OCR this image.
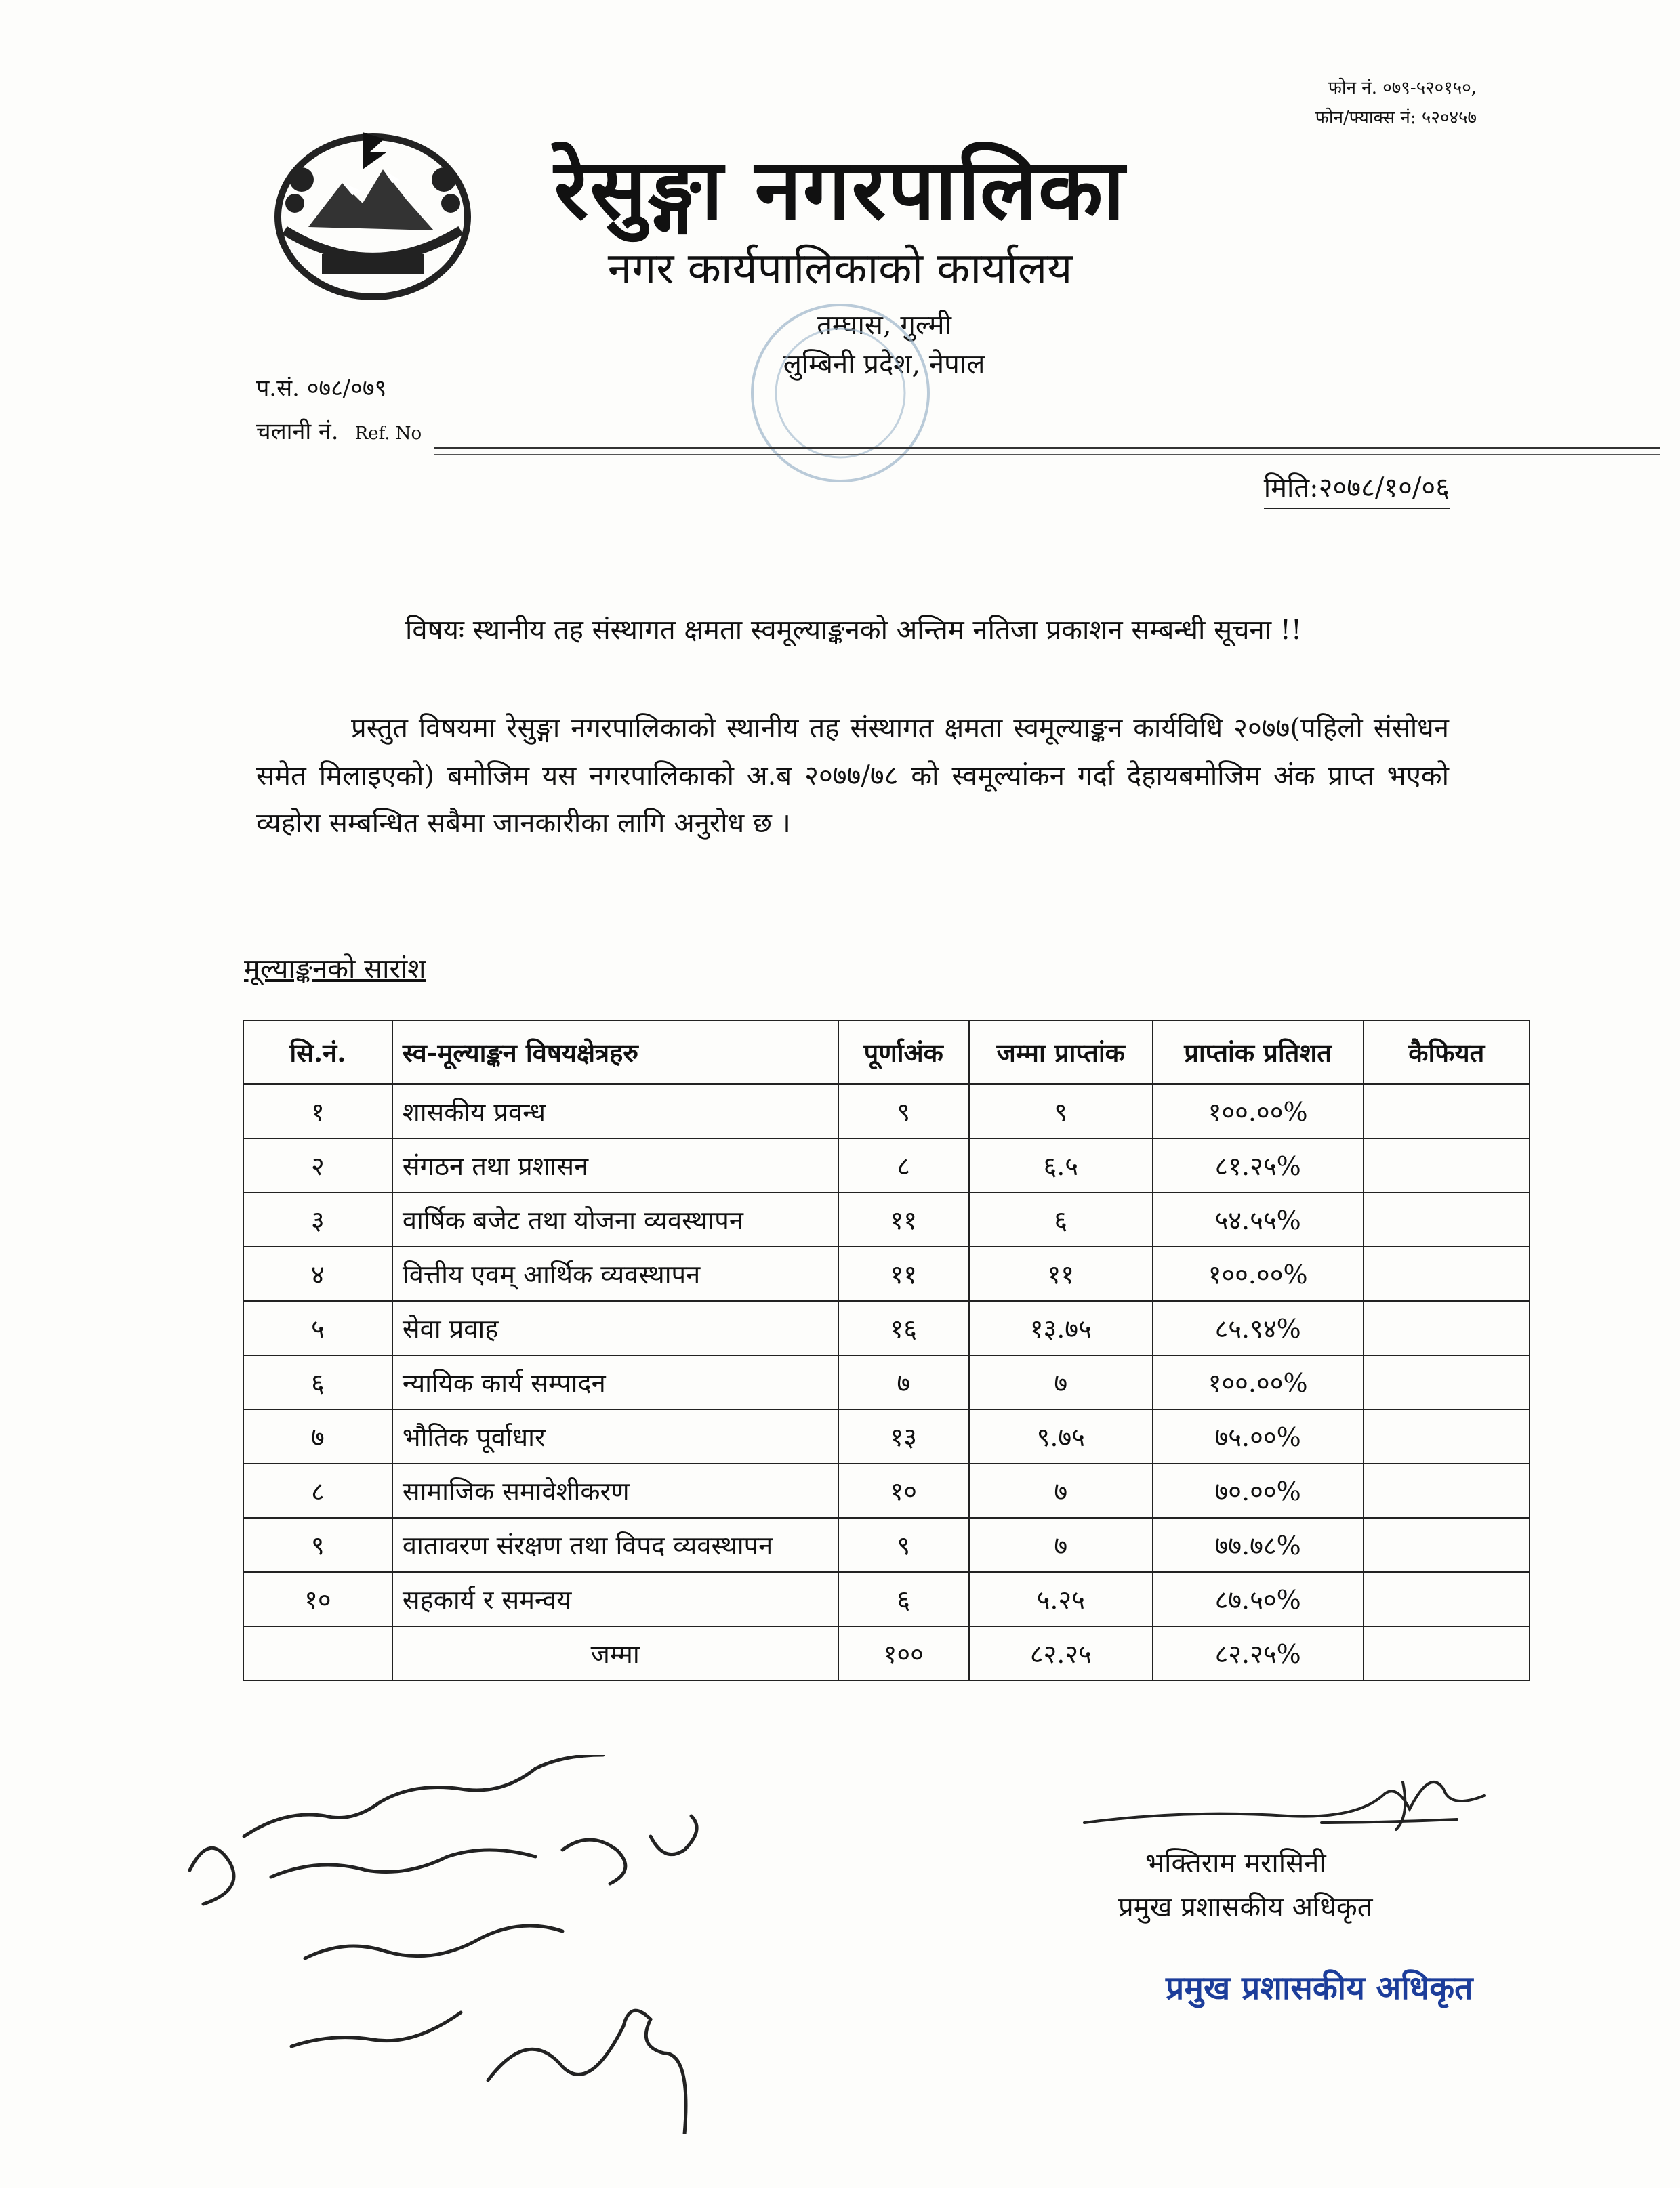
फोन नं. ०७९-५२०१५०,
फोन/फ्याक्स नं: ५२०४५७
रेसुङ्गा नगरपालिका
नगर कार्यपालिकाको कार्यालय
तम्घास, गुल्मी
लुम्बिनी प्रदेश, नेपाल
प.सं. ०७८/०७९
चलानी नं. Ref. No
मिति:२०७८/१०/०६
विषयः स्थानीय तह संस्थागत क्षमता स्वमूल्याङ्कनको अन्तिम नतिजा प्रकाशन सम्बन्धी सूचना !!
प्रस्तुत विषयमा रेसुङ्गा नगरपालिकाको स्थानीय तह संस्थागत क्षमता स्वमूल्याङ्कन कार्यविधि २०७७(पहिलो संसोधन समेत मिलाइएको) बमोजिम यस नगरपालिकाको अ.ब २०७७/७८ को स्वमूल्यांकन गर्दा देहायबमोजिम अंक प्राप्त भएको व्यहोरा सम्बन्धित सबैमा जानकारीका लागि अनुरोध छ ।
मूल्याङ्कनको सारांश
सि.नं.	स्व-मूल्याङ्कन विषयक्षेत्रहरु	पूर्णाअंक	जम्मा प्राप्तांक	प्राप्तांक प्रतिशत	कैफियत
१	शासकीय प्रवन्ध	९	९	१००.००%	
२	संगठन तथा प्रशासन	८	६.५	८१.२५%	
३	वार्षिक बजेट तथा योजना व्यवस्थापन	११	६	५४.५५%	
४	वित्तीय एवम् आर्थिक व्यवस्थापन	११	११	१००.००%	
५	सेवा प्रवाह	१६	१३.७५	८५.९४%	
६	न्यायिक कार्य सम्पादन	७	७	१००.००%	
७	भौतिक पूर्वाधार	१३	९.७५	७५.००%	
८	सामाजिक समावेशीकरण	१०	७	७०.००%	
९	वातावरण संरक्षण तथा विपद व्यवस्थापन	९	७	७७.७८%	
१०	सहकार्य र समन्वय	६	५.२५	८७.५०%	
	जम्मा	१००	८२.२५	८२.२५%	
भक्तिराम मरासिनी
प्रमुख प्रशासकीय अधिकृत
प्रमुख प्रशासकीय अधिकृत
